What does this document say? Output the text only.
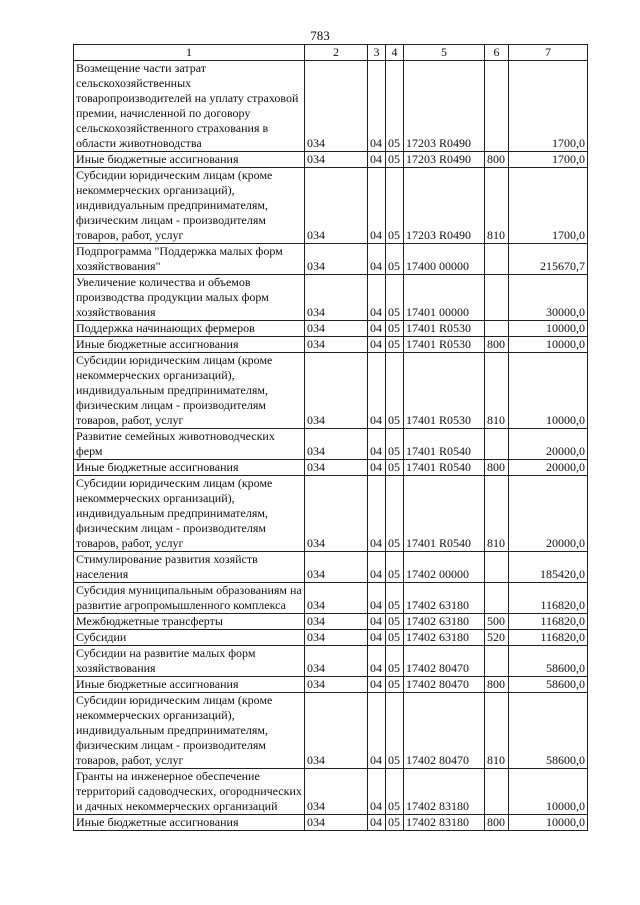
783
1	2	3	4	5	6	7
Возмещение части затрат сельскохозяйственных товаропроизводителей на уплату страховой премии, начисленной по договору сельскохозяйственного страхования в области животноводства	034	04	05	17203 R0490		1700,0
Иные бюджетные ассигнования	034	04	05	17203 R0490	800	1700,0
Субсидии юридическим лицам (кроме некоммерческих организаций), индивидуальным предпринимателям, физическим лицам - производителям товаров, работ, услуг	034	04	05	17203 R0490	810	1700,0
Подпрограмма "Поддержка малых форм хозяйствования"	034	04	05	17400 00000		215670,7
Увеличение количества и объемов производства продукции малых форм хозяйствования	034	04	05	17401 00000		30000,0
Поддержка начинающих фермеров	034	04	05	17401 R0530		10000,0
Иные бюджетные ассигнования	034	04	05	17401 R0530	800	10000,0
Субсидии юридическим лицам (кроме некоммерческих организаций), индивидуальным предпринимателям, физическим лицам - производителям товаров, работ, услуг	034	04	05	17401 R0530	810	10000,0
Развитие семейных животноводческих ферм	034	04	05	17401 R0540		20000,0
Иные бюджетные ассигнования	034	04	05	17401 R0540	800	20000,0
Субсидии юридическим лицам (кроме некоммерческих организаций), индивидуальным предпринимателям, физическим лицам - производителям товаров, работ, услуг	034	04	05	17401 R0540	810	20000,0
Стимулирование развития хозяйств населения	034	04	05	17402 00000		185420,0
Субсидия муниципальным образованиям на развитие агропромышленного комплекса	034	04	05	17402 63180		116820,0
Межбюджетные трансферты	034	04	05	17402 63180	500	116820,0
Субсидии	034	04	05	17402 63180	520	116820,0
Субсидии на развитие малых форм хозяйствования	034	04	05	17402 80470		58600,0
Иные бюджетные ассигнования	034	04	05	17402 80470	800	58600,0
Субсидии юридическим лицам (кроме некоммерческих организаций), индивидуальным предпринимателям, физическим лицам - производителям товаров, работ, услуг	034	04	05	17402 80470	810	58600,0
Гранты на инженерное обеспечение территорий садоводческих, огороднических и дачных некоммерческих организаций	034	04	05	17402 83180		10000,0
Иные бюджетные ассигнования	034	04	05	17402 83180	800	10000,0
